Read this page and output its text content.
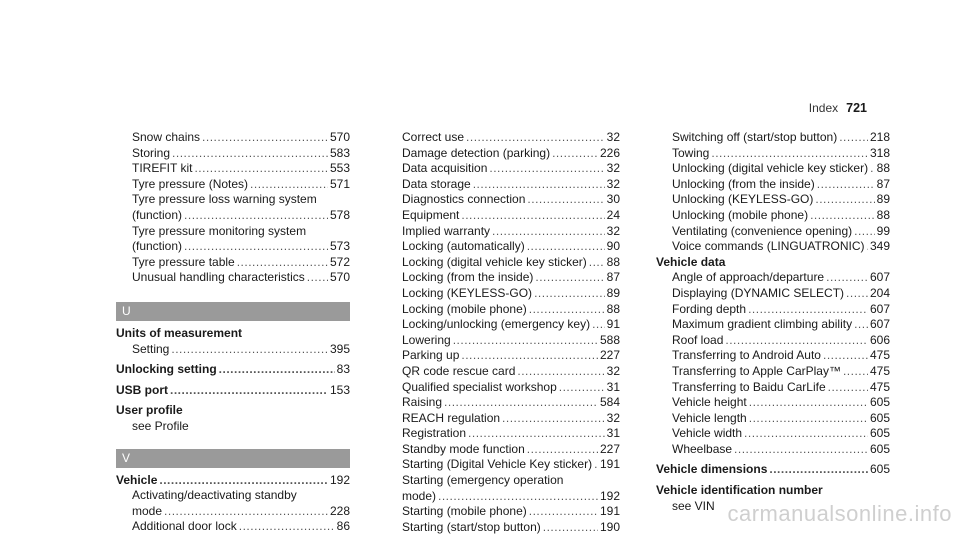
Index 721
Snow chains .....	570
Storing .....	583
TIREFIT kit .....	553
Tyre pressure (Notes) .....	571
Tyre pressure loss warning system
(function) .....	578
Tyre pressure monitoring system
(function) .....	573
Tyre pressure table .....	572
Unusual handling characteristics ..... 570
U
Units of measurement
Setting .....	395
Unlocking setting .....	83
USB port .....	153
User profile
see Profile
V
Vehicle .....	192
Activating/deactivating standby
mode .....	228
Additional door lock .....	86
Correct use .....	32
Damage detection (parking) .....	226
Data acquisition .....	32
Data storage .....	32
Diagnostics connection .....	30
Equipment .....	24
Implied warranty .....	32
Locking (automatically) .....	90
Locking (digital vehicle key sticker) ..... 88
Locking (from the inside) .....	87
Locking (KEYLESS-GO) .....	89
Locking (mobile phone) .....	88
Locking/unlocking (emergency key) ..... 91
Lowering .....	588
Parking up .....	227
QR code rescue card .....	32
Qualified specialist workshop .....	31
Raising .....	584
REACH regulation .....	32
Registration .....	31
Standby mode function .....	227
Starting (Digital Vehicle Key sticker) ..... 191
Starting (emergency operation
mode) .....	192
Starting (mobile phone) .....	191
Starting (start/stop button) .....	190
Switching off (start/stop button) .....	218
Towing .....	318
Unlocking (digital vehicle key sticker) ..... 88
Unlocking (from the inside) .....	87
Unlocking (KEYLESS-GO) .....	89
Unlocking (mobile phone) .....	88
Ventilating (convenience opening) ..... 99
Voice commands (LINGUATRONIC) ..... 349
Vehicle data
Angle of approach/departure .....	607
Displaying (DYNAMIC SELECT) ..... 204
Fording depth .....	607
Maximum gradient climbing ability ..... 607
Roof load .....	606
Transferring to Android Auto .....	475
Transferring to Apple CarPlay™ ..... 475
Transferring to Baidu CarLife .....	475
Vehicle height .....	605
Vehicle length .....	605
Vehicle width .....	605
Wheelbase .....	605
Vehicle dimensions .....	605
Vehicle identification number
see VIN carmanualsonline.info
